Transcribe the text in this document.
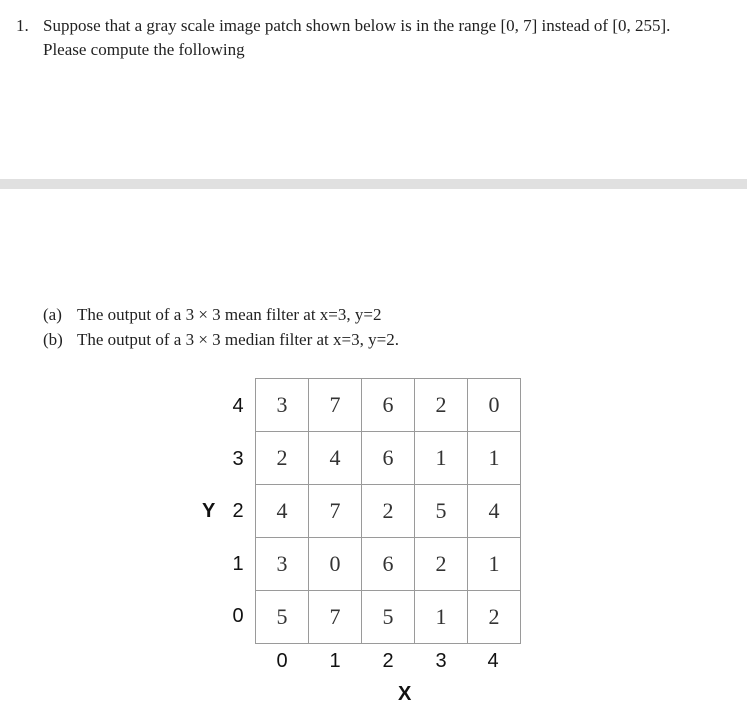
1. Suppose that a gray scale image patch shown below is in the range [0, 7] instead of [0, 255].
Please compute the following
(a) The output of a 3 × 3 mean filter at x=3, y=2
(b) The output of a 3 × 3 median filter at x=3, y=2.
3	7	6	2	0
2	4	6	1	1
4	7	2	5	4
3	0	6	2	1
5	7	5	1	2
4
3
2
1
0
Y
0	1	2	3	4
X
